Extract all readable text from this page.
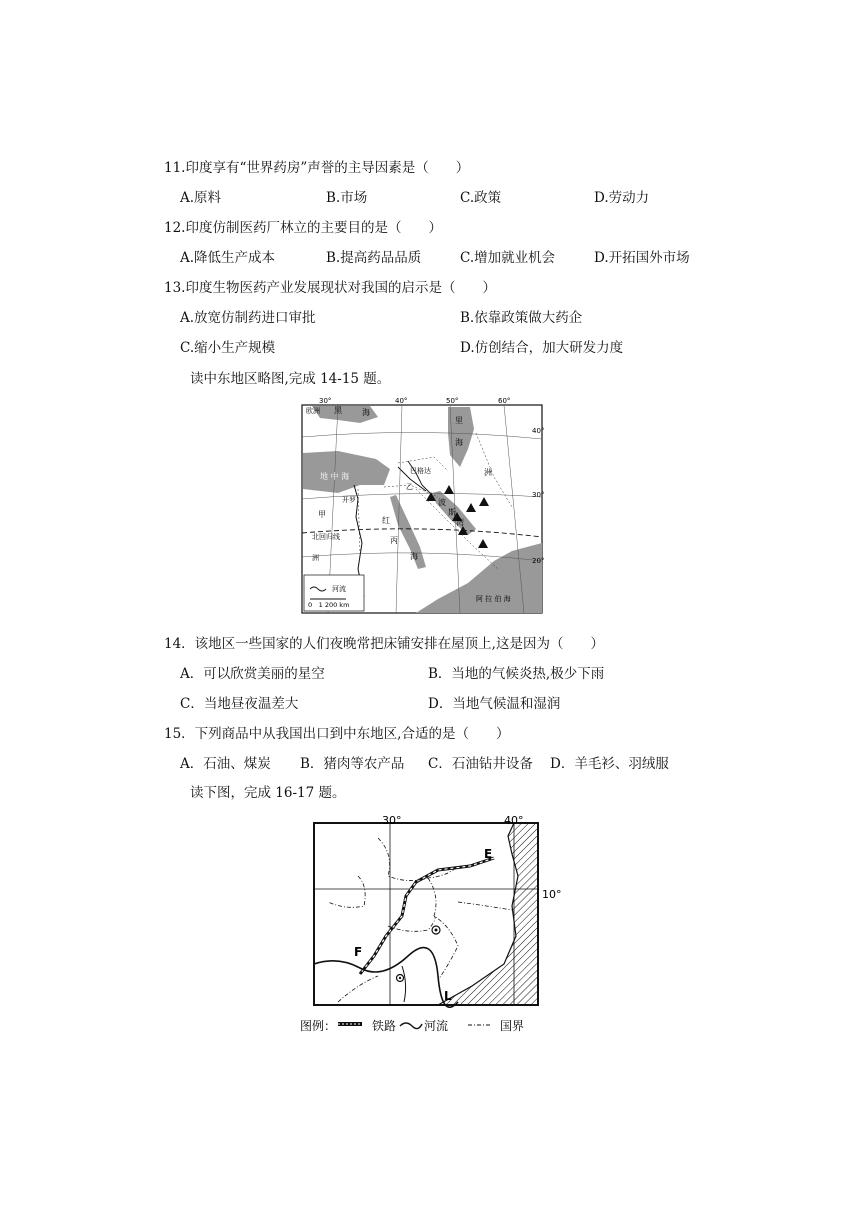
11.印度享有“世界药房”声誉的主导因素是（　　）
A.原料	B.市场	C.政策	D.劳动力
12.印度仿制医药厂林立的主要目的是（　　）
A.降低生产成本	B.提高药品品质	C.增加就业机会	D.开拓国外市场
13.印度生物医药产业发展现状对我国的启示是（　　）
A.放宽仿制药进口审批	B.依靠政策做大药企
C.缩小生产规模	D.仿创结合，加大研发力度
读中东地区略图,完成 14-15 题。
30°	40°	50°	60°
40°
30°
20°
欧洲 黑	海
里
海
巴格达
乙
地 中 海
开罗
甲
北回归线
洲
红
海
丙
波
斯
湾
洲
阿 拉 伯 海
河流
0　1 200 km
14．该地区一些国家的人们夜晚常把床铺安排在屋顶上,这是因为（　　）
A．可以欣赏美丽的星空	B．当地的气候炎热,极少下雨
C．当地昼夜温差大	D．当地气候温和湿润
15．下列商品中从我国出口到中东地区,合适的是（　　）
A．石油、煤炭 B．猪肉等农产品 C．石油钻井设备 D．羊毛衫、羽绒服
读下图，完成 16-17 题。
30°	40°
10°
E
F
L
图例：	铁路 河流	国界
